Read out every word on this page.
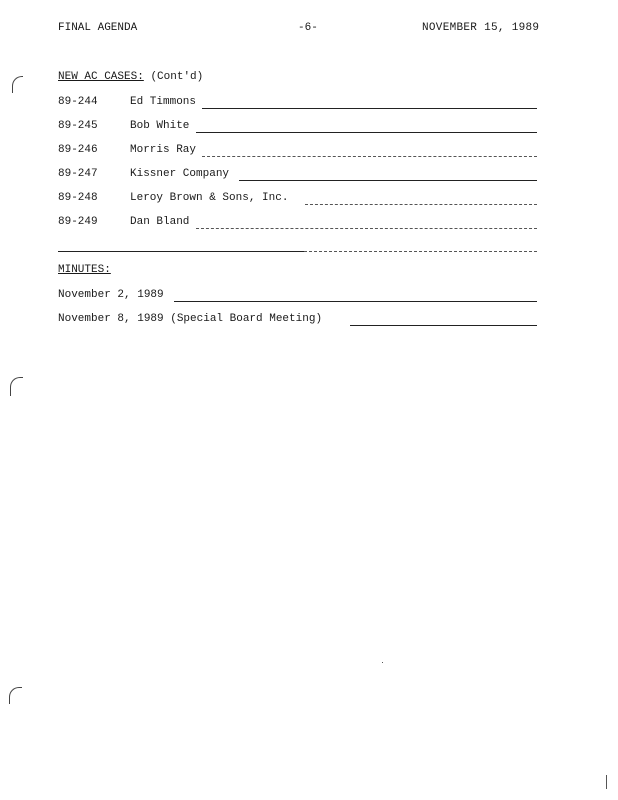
FINAL AGENDA	-6-	NOVEMBER 15, 1989
NEW AC CASES: (Cont'd)
89-244	Ed Timmons
89-245	Bob White
89-246	Morris Ray
89-247	Kissner Company
89-248	Leroy Brown & Sons, Inc.
89-249	Dan Bland
MINUTES:
November 2, 1989
November 8, 1989 (Special Board Meeting)
